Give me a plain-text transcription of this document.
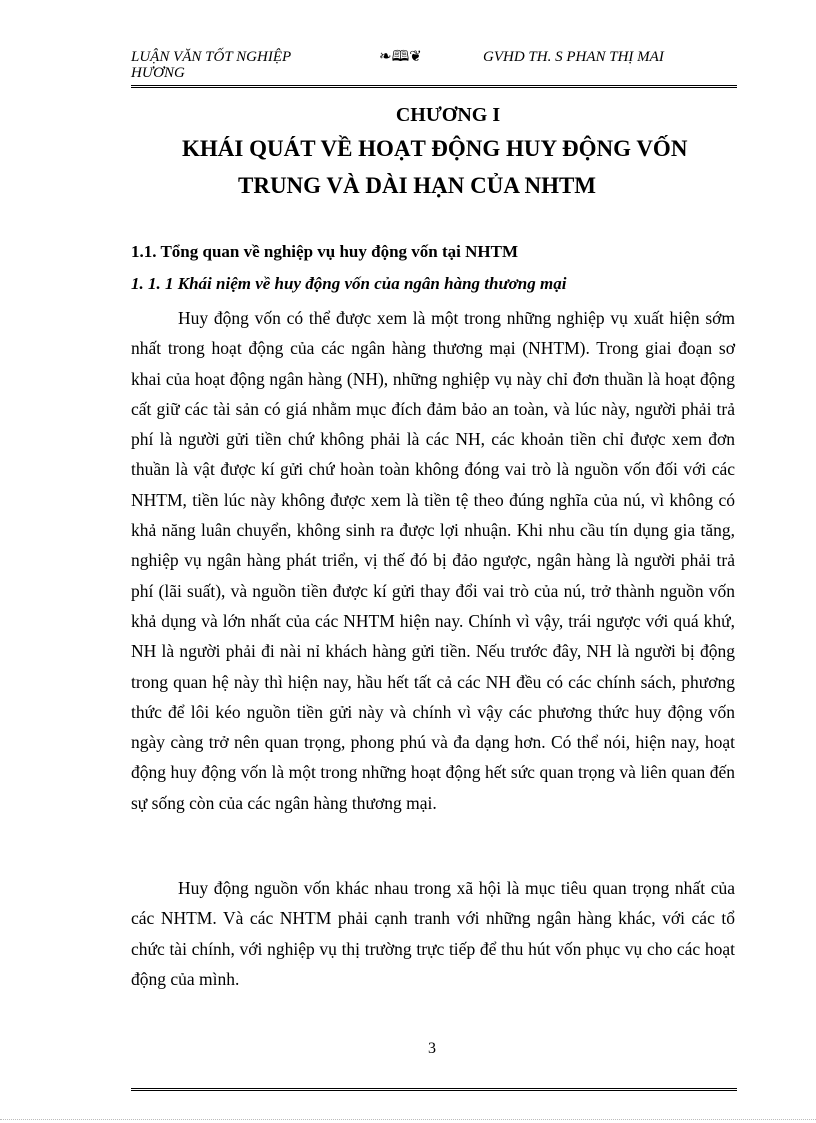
LUẬN VĂN TỐT NGHIỆP HƯƠNG
❧🕮❦	GVHD TH. S PHAN THỊ MAI
CHƯƠNG I
KHÁI QUÁT VỀ HOẠT ĐỘNG HUY ĐỘNG VỐN
TRUNG VÀ DÀI HẠN CỦA NHTM
1.1. Tổng quan về nghiệp vụ huy động vốn tại NHTM
1. 1. 1 Khái niệm về huy động vốn của ngân hàng thương mại

Huy động vốn có thể được xem là một trong những nghiệp vụ xuất hiện sớm nhất trong hoạt động của các ngân hàng thương mại (NHTM). Trong giai đoạn sơ khai của hoạt động ngân hàng (NH), những nghiệp vụ này chỉ đơn thuần là hoạt động cất giữ các tài sản có giá nhằm mục đích đảm bảo an toàn, và lúc này, người phải trả phí là người gửi tiền chứ không phải là các NH, các khoản tiền chỉ được xem đơn thuần là vật được kí gửi chứ hoàn toàn không đóng vai trò là nguồn vốn đối với các NHTM, tiền lúc này không được xem là tiền tệ theo đúng nghĩa của nú, vì không có khả năng luân chuyển, không sinh ra được lợi nhuận. Khi nhu cầu tín dụng gia tăng, nghiệp vụ ngân hàng phát triển, vị thế đó bị đảo ngược, ngân hàng là người phải trả phí (lãi suất), và nguồn tiền được kí gửi thay đổi vai trò của nú, trở thành nguồn vốn khả dụng và lớn nhất của các NHTM hiện nay. Chính vì vậy, trái ngược với quá khứ, NH là người phải đi nài nỉ khách hàng gửi tiền. Nếu trước đây, NH là người bị động trong quan hệ này thì hiện nay, hầu hết tất cả các NH đều có các chính sách, phương thức để lôi kéo nguồn tiền gửi này và chính vì vậy các phương thức huy động vốn ngày càng trở nên quan trọng, phong phú và đa dạng hơn. Có thể nói, hiện nay, hoạt động huy động vốn là một trong những hoạt động hết sức quan trọng và liên quan đến sự sống còn của các ngân hàng thương mại.

Huy động nguồn vốn khác nhau trong xã hội là mục tiêu quan trọng nhất của các NHTM. Và các NHTM phải cạnh tranh với những ngân hàng khác, với các tổ chức tài chính, với nghiệp vụ thị trường trực tiếp để thu hút vốn phục vụ cho các hoạt động của mình.

3
